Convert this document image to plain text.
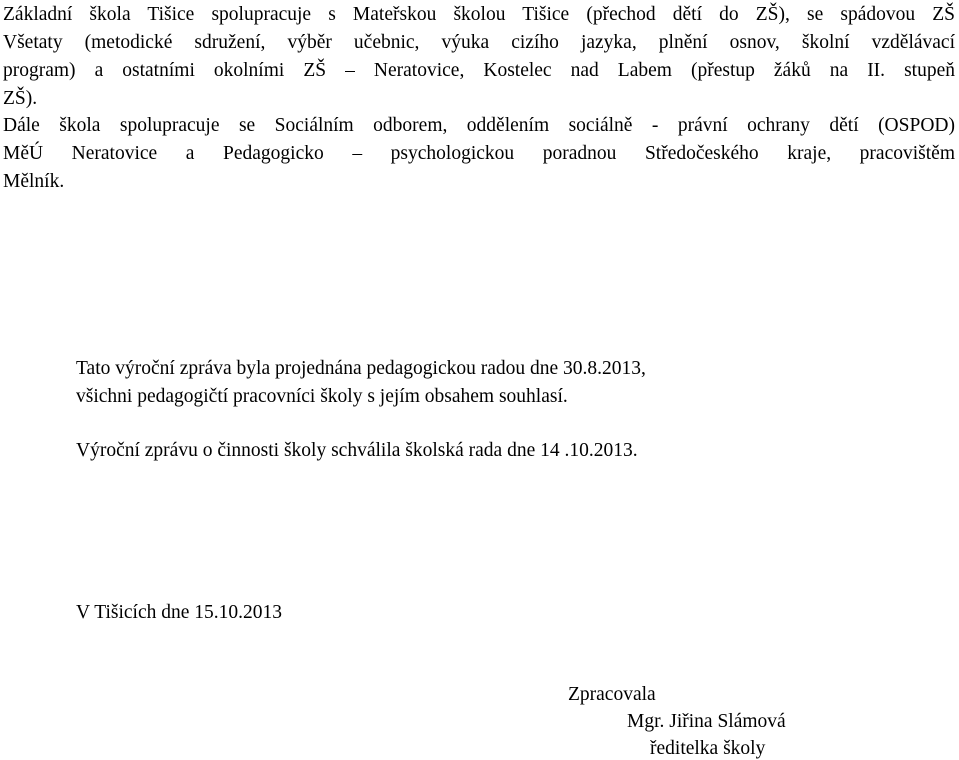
Základní škola Tišice spolupracuje s Mateřskou školou Tišice (přechod dětí do ZŠ), se spádovou ZŠ

Všetaty (metodické sdružení, výběr učebnic, výuka cizího jazyka, plnění osnov, školní vzdělávací

program) a ostatními okolními ZŠ – Neratovice, Kostelec nad Labem (přestup žáků na II. stupeň

ZŠ).

Dále škola spolupracuje se Sociálním odborem, oddělením sociálně - právní ochrany dětí (OSPOD)

MěÚ Neratovice a Pedagogicko – psychologickou poradnou Středočeského kraje, pracovištěm

Mělník.

Tato výroční zpráva byla projednána pedagogickou radou dne 30.8.2013,

všichni pedagogičtí pracovníci školy s jejím obsahem souhlasí.

Výroční zprávu o činnosti školy schválila školská rada dne 14 .10.2013.

V Tišicích dne 15.10.2013

Zpracovala

Mgr. Jiřina Slámová

ředitelka školy
